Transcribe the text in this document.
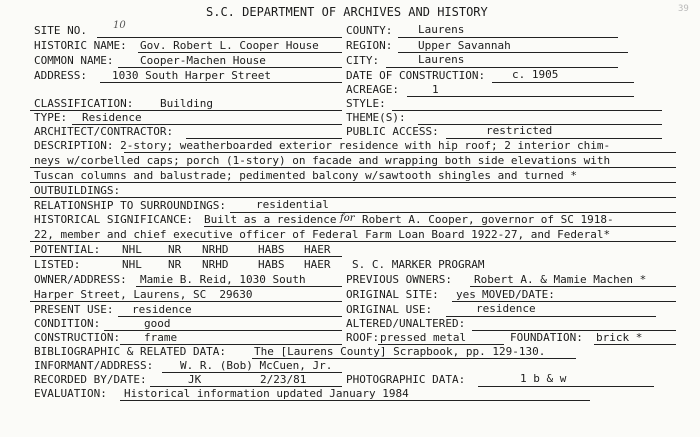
S.C. DEPARTMENT OF ARCHIVES AND HISTORY	39
SITE NO.	10	COUNTY: Laurens
HISTORIC NAME: Gov. Robert L. Cooper House REGION: Upper Savannah
COMMON NAME: Cooper-Machen House	CITY:	Laurens
ADDRESS: 1030 South Harper Street	DATE OF CONSTRUCTION: c. 1905
ACREAGE:	1
CLASSIFICATION: Building	STYLE:
TYPE: Residence	THEME(S):
ARCHITECT/CONTRACTOR:	PUBLIC ACCESS:	restricted
DESCRIPTION: 2-story; weatherboarded exterior residence with hip roof; 2 interior chim-
neys w/corbelled caps; porch (1-story) on facade and wrapping both side elevations with
Tuscan columns and balustrade; pedimented balcony w/sawtooth shingles and turned *
OUTBUILDINGS:
RELATIONSHIP TO SURROUNDINGS:	residential
HISTORICAL SIGNIFICANCE: Built as a residence for Robert A. Cooper, governor of SC 1918-
22, member and chief executive officer of Federal Farm Loan Board 1922-27, and Federal*
POTENTIAL: NHL NR NRHD	HABS HAER
LISTED:	NHL NR NRHD	HABS HAER S. C. MARKER PROGRAM
OWNER/ADDRESS: Mamie B. Reid, 1030 South	PREVIOUS OWNERS: Robert A. & Mamie Machen *
Harper Street, Laurens, SC  29630	ORIGINAL SITE: yes MOVED/DATE:
PRESENT USE: residence	ORIGINAL USE:	residence
CONDITION:	good	ALTERED/UNALTERED:
CONSTRUCTION: frame	ROOF: pressed metal	FOUNDATION: brick *
BIBLIOGRAPHIC & RELATED DATA:	The [Laurens County] Scrapbook, pp. 129-130.
INFORMANT/ADDRESS: W. R. (Bob) McCuen, Jr.
RECORDED BY/DATE:	JK	2/23/81	PHOTOGRAPHIC DATA:	1 b & w
EVALUATION: Historical information updated January 1984
